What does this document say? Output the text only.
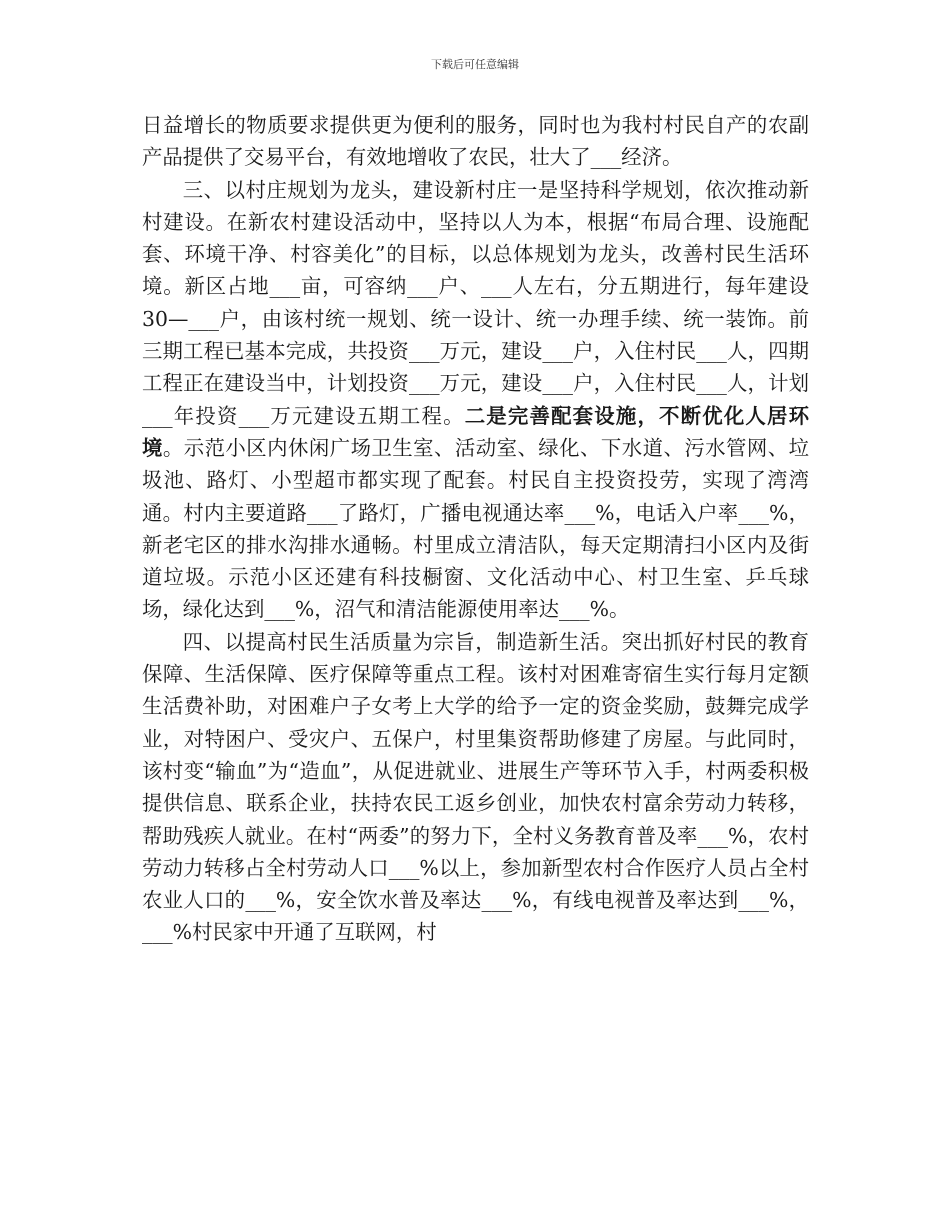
下载后可任意编辑

日益增长的物质要求提供更为便利的服务，同时也为我村村民自产的农副产品提供了交易平台，有效地增收了农民，壮大了___经济。

三、以村庄规划为龙头，建设新村庄一是坚持科学规划，依次推动新村建设。在新农村建设活动中，坚持以人为本，根据“布局合理、设施配套、环境干净、村容美化”的目标，以总体规划为龙头，改善村民生活环境。新区占地___亩，可容纳___户、___人左右，分五期进行，每年建设30—___户，由该村统一规划、统一设计、统一办理手续、统一装饰。前三期工程已基本完成，共投资___万元，建设___户，入住村民___人，四期工程正在建设当中，计划投资___万元，建设___户，入住村民___人，计划___年投资___万元建设五期工程。二是完善配套设施，不断优化人居环境。示范小区内休闲广场卫生室、活动室、绿化、下水道、污水管网、垃圾池、路灯、小型超市都实现了配套。村民自主投资投劳，实现了湾湾通。村内主要道路___了路灯，广播电视通达率___%，电话入户率___%，新老宅区的排水沟排水通畅。村里成立清洁队，每天定期清扫小区内及街道垃圾。示范小区还建有科技橱窗、文化活动中心、村卫生室、乒乓球场，绿化达到___%，沼气和清洁能源使用率达___%。

四、以提高村民生活质量为宗旨，制造新生活。突出抓好村民的教育保障、生活保障、医疗保障等重点工程。该村对困难寄宿生实行每月定额生活费补助，对困难户子女考上大学的给予一定的资金奖励，鼓舞完成学业，对特困户、受灾户、五保户，村里集资帮助修建了房屋。与此同时，该村变“输血”为“造血”，从促进就业、进展生产等环节入手，村两委积极提供信息、联系企业，扶持农民工返乡创业，加快农村富余劳动力转移，帮助残疾人就业。在村“两委”的努力下，全村义务教育普及率___%，农村劳动力转移占全村劳动人口___%以上，参加新型农村合作医疗人员占全村农业人口的___%，安全饮水普及率达___%，有线电视普及率达到___%，___%村民家中开通了互联网，村
